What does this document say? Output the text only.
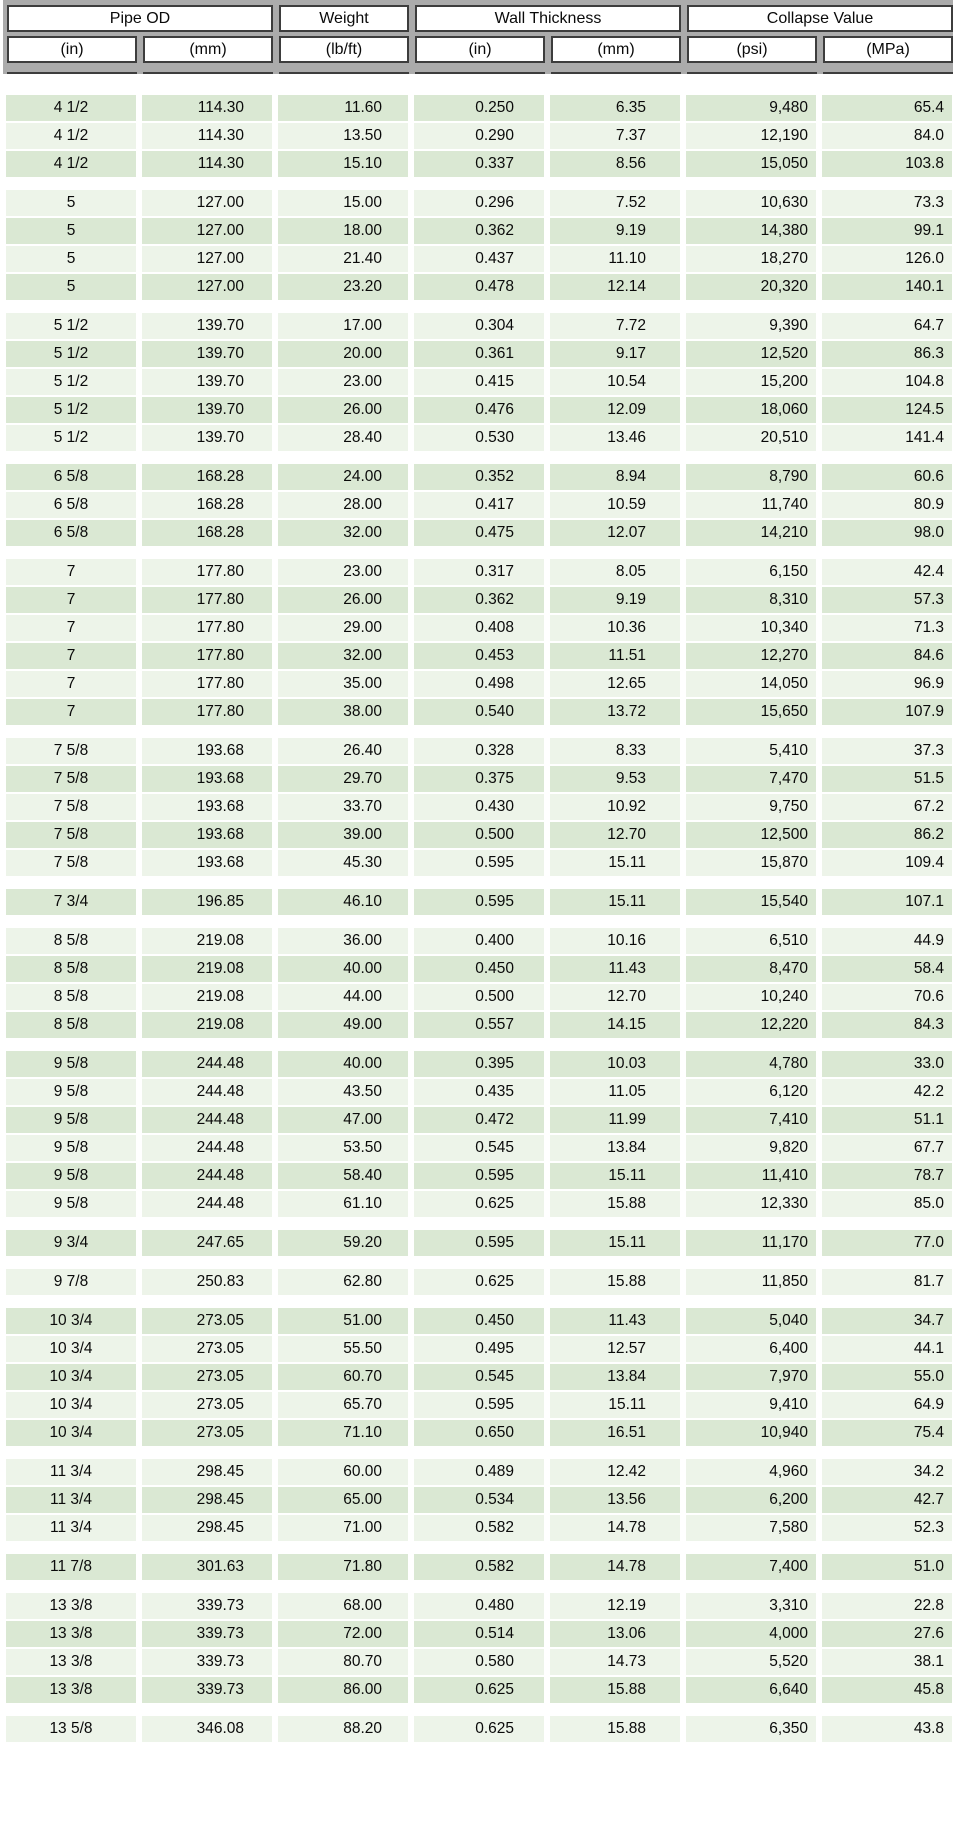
Pipe OD	Weight	Wall Thickness	Collapse Value
(in)	(mm)	(lb/ft)	(in)	(mm)	(psi)	(MPa)
4 1/2	114.30	11.60	0.250	6.35	9,480	65.4
4 1/2	114.30	13.50	0.290	7.37	12,190	84.0
4 1/2	114.30	15.10	0.337	8.56	15,050	103.8
5	127.00	15.00	0.296	7.52	10,630	73.3
5	127.00	18.00	0.362	9.19	14,380	99.1
5	127.00	21.40	0.437	11.10	18,270	126.0
5	127.00	23.20	0.478	12.14	20,320	140.1
5 1/2	139.70	17.00	0.304	7.72	9,390	64.7
5 1/2	139.70	20.00	0.361	9.17	12,520	86.3
5 1/2	139.70	23.00	0.415	10.54	15,200	104.8
5 1/2	139.70	26.00	0.476	12.09	18,060	124.5
5 1/2	139.70	28.40	0.530	13.46	20,510	141.4
6 5/8	168.28	24.00	0.352	8.94	8,790	60.6
6 5/8	168.28	28.00	0.417	10.59	11,740	80.9
6 5/8	168.28	32.00	0.475	12.07	14,210	98.0
7	177.80	23.00	0.317	8.05	6,150	42.4
7	177.80	26.00	0.362	9.19	8,310	57.3
7	177.80	29.00	0.408	10.36	10,340	71.3
7	177.80	32.00	0.453	11.51	12,270	84.6
7	177.80	35.00	0.498	12.65	14,050	96.9
7	177.80	38.00	0.540	13.72	15,650	107.9
7 5/8	193.68	26.40	0.328	8.33	5,410	37.3
7 5/8	193.68	29.70	0.375	9.53	7,470	51.5
7 5/8	193.68	33.70	0.430	10.92	9,750	67.2
7 5/8	193.68	39.00	0.500	12.70	12,500	86.2
7 5/8	193.68	45.30	0.595	15.11	15,870	109.4
7 3/4	196.85	46.10	0.595	15.11	15,540	107.1
8 5/8	219.08	36.00	0.400	10.16	6,510	44.9
8 5/8	219.08	40.00	0.450	11.43	8,470	58.4
8 5/8	219.08	44.00	0.500	12.70	10,240	70.6
8 5/8	219.08	49.00	0.557	14.15	12,220	84.3
9 5/8	244.48	40.00	0.395	10.03	4,780	33.0
9 5/8	244.48	43.50	0.435	11.05	6,120	42.2
9 5/8	244.48	47.00	0.472	11.99	7,410	51.1
9 5/8	244.48	53.50	0.545	13.84	9,820	67.7
9 5/8	244.48	58.40	0.595	15.11	11,410	78.7
9 5/8	244.48	61.10	0.625	15.88	12,330	85.0
9 3/4	247.65	59.20	0.595	15.11	11,170	77.0
9 7/8	250.83	62.80	0.625	15.88	11,850	81.7
10 3/4	273.05	51.00	0.450	11.43	5,040	34.7
10 3/4	273.05	55.50	0.495	12.57	6,400	44.1
10 3/4	273.05	60.70	0.545	13.84	7,970	55.0
10 3/4	273.05	65.70	0.595	15.11	9,410	64.9
10 3/4	273.05	71.10	0.650	16.51	10,940	75.4
11 3/4	298.45	60.00	0.489	12.42	4,960	34.2
11 3/4	298.45	65.00	0.534	13.56	6,200	42.7
11 3/4	298.45	71.00	0.582	14.78	7,580	52.3
11 7/8	301.63	71.80	0.582	14.78	7,400	51.0
13 3/8	339.73	68.00	0.480	12.19	3,310	22.8
13 3/8	339.73	72.00	0.514	13.06	4,000	27.6
13 3/8	339.73	80.70	0.580	14.73	5,520	38.1
13 3/8	339.73	86.00	0.625	15.88	6,640	45.8
13 5/8	346.08	88.20	0.625	15.88	6,350	43.8
